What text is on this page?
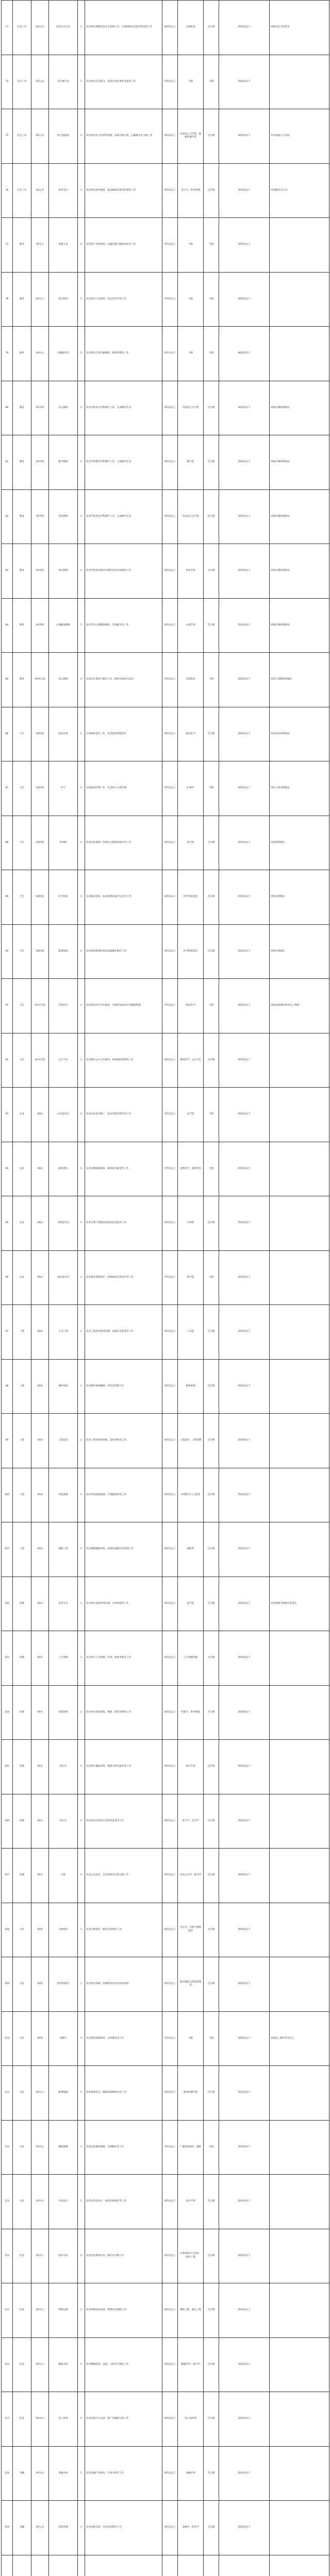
73	社会工作	XX公司	信息安全专员	1	负责单位网络信息安全管理工作，开展网络安全防护检查等工作	本科及以上	计算机类	全日制	35周岁以下	持相关证书者优先	
74	社会工作	XX公司	安全保卫员	1	负责单位安全保卫、巡查及突发事件处置等工作	专科及以上	不限	不限	35周岁以下		
75	社会工作	XX公司	综合管理岗	2	负责单位综合性事务管理，协助开展行政、后勤服务及文秘工作	本科及以上	中国语言文学类、新闻传播学类	全日制	30周岁以下	具有较强文字功底	
76	社会工作	XX公司	财务会计	1	负责单位财务核算、报表编制及资金管理等工作	本科及以上	会计学、财务管理	全日制	35周岁以下	持初级会计证书	
77	服务	XX中心	客服专员	2	负责客户咨询接待、问题受理与跟踪回访等工作	专科及以上	不限	不限	35周岁以下		
78	服务	XX中心	前台接待	1	负责来访人员接待、登记及引导等工作	专科及以上	不限	不限	30周岁以下		
79	服务	XX中心	后勤服务员	2	负责单位日常后勤保障、物资管理等工作	高中及以上	不限	不限	40周岁以下		
80	教育	XX学校	语文教师	2	负责学校语文学科教学工作，完成教学任务	本科及以上	中国语言文学类	全日制	35周岁以下	持相应教师资格证	
81	教育	XX学校	数学教师	2	负责学校数学学科教学工作，完成教学任务	本科及以上	数学类	全日制	35周岁以下	持相应教师资格证	
82	教育	XX学校	英语教师	1	负责学校英语学科教学工作，完成教学任务	本科及以上	外国语言文学类	全日制	35周岁以下	持相应教师资格证	
83	教育	XX学校	体育教师	1	负责学校体育教学及课外体育活动组织工作	本科及以上	体育学类	全日制	35周岁以下	持相应教师资格证	
84	教育	XX学校	心理健康教师	1	负责学生心理健康教育、咨询辅导等工作	本科及以上	心理学类	全日制	35周岁以下	持相应教师资格证	
85	教育	XX幼儿园	幼儿教师	3	负责幼儿保育与教育工作，组织开展幼儿活动	专科及以上	学前教育	不限	30周岁以下	持幼儿园教师资格证	
86	卫生	XX医院	临床医师	2	从事临床诊疗工作，负责患者诊断治疗	本科及以上	临床医学	全日制	35周岁以下	持执业医师资格证	
87	卫生	XX医院	护士	4	从事临床护理工作，负责病人日常护理	专科及以上	护理学	不限	30周岁以下	持护士执业资格证	
88	卫生	XX医院	药剂师	1	负责药品调剂、管理及合理用药指导等工作	本科及以上	药学类	全日制	35周岁以下	持药师资格证	
89	卫生	XX医院	医学检验	1	负责临床检验、标本检测及报告出具等工作	本科及以上	医学检验技术	全日制	35周岁以下	持相关资格证	
90	卫生	XX医院	影像技师	1	负责放射影像检查及设备操作维护工作	本科及以上	医学影像技术	全日制	35周岁以下	持相关资格证	
91	卫生	XX卫生院	全科医生	2	负责基层医疗卫生服务，开展常见病诊疗及健康管理	专科及以上	临床医学	不限	40周岁以下	持执业助理医师及以上资格	
92	卫生	XX卫生院	公共卫生	1	负责辖区公共卫生服务、疾病预防控制等工作	本科及以上	预防医学、公共卫生	全日制	35周岁以下		
93	农业	XX站	农业技术员	2	负责农业技术推广、病虫害防治指导等工作	专科及以上	农学类	不限	35周岁以下		
94	农业	XX站	畜牧兽医	1	负责动物疫病防控、畜牧技术服务等工作	专科及以上	动物医学、畜牧兽医	不限	35周岁以下		
95	农业	XX站	水利技术员	1	负责水利工程建设管理及技术指导工作	本科及以上	水利类	全日制	35周岁以下		
96	农业	XX站	林业技术员	1	负责林业资源管护、造林绿化技术指导等工作	专科及以上	林学类	不限	35周岁以下		
97	工程	XX局	土木工程	2	负责工程项目建设管理、质量安全监督等工作	本科及以上	土木类	全日制	35周岁以下		
98	工程	XX局	城乡规划	1	负责城乡规划编制、审查及管理工作	本科及以上	城乡规划	全日制	35周岁以下		
99	工程	XX局	工程造价	1	负责工程预结算审核、造价管理等工作	本科及以上	工程造价、工程管理	全日制	35周岁以下		
100	工程	XX局	环境监测	1	负责环境质量监测、污染源调查等工作	本科及以上	环境科学与工程类	全日制	35周岁以下		
101	工程	XX局	测绘工程	1	负责测绘数据采集、处理及地理信息管理工作	本科及以上	测绘类	全日制	35周岁以下		
102	管理	XX办	法务专员	1	负责单位法律事务处理、合同审核等工作	本科及以上	法学类	全日制	35周岁以下	持法律职业资格证者优先	
103	管理	XX办	人力资源	1	负责单位人员招聘、培训、绩效考核等工作	本科及以上	人力资源管理	全日制	35周岁以下		
104	管理	XX办	档案管理	1	负责单位档案收集、整理、保管及利用工作	本科及以上	档案学、图书情报	全日制	35周岁以下		
105	管理	XX办	统计员	1	负责统计数据采集、整理分析及报送等工作	本科及以上	统计学类	全日制	35周岁以下		
106	管理	XX办	审计员	1	负责单位内部审计及财务监督等工作	本科及以上	审计学、会计学	全日制	35周岁以下		
107	管理	XX办	文秘	2	负责公文起草、会议组织及日常文秘工作	本科及以上	汉语言文学、秘书学	全日制	30周岁以下		
108	文化	XX馆	文物保护	1	负责文物保护、修复及管理等工作	本科及以上	考古学、文物与博物馆学	全日制	35周岁以下		
109	文化	XX馆	图书管理员	1	负责图书采编、借阅服务及读者活动组织	本科及以上	图书情报与档案管理类	全日制	35周岁以下		
110	文化	XX馆	讲解员	2	负责展馆讲解接待、宣传教育等工作	专科及以上	不限	不限	30周岁以下	普通话二级甲等及以上	
111	文化	XX中心	新闻编辑	1	负责新闻采写、编辑及新媒体运营工作	本科及以上	新闻传播学类	全日制	35周岁以下		
112	文化	XX中心	摄影摄像	1	负责活动摄影摄像、后期制作等工作	专科及以上	广播电视编导、摄影	不限	35周岁以下		
113	文化	XX中心	平面设计	1	负责宣传品设计、视觉形象制作等工作	本科及以上	设计学类	全日制	35周岁以下		
114	信息	XX中心	软件开发	2	负责信息系统开发、维护及升级工作	本科及以上	计算机科学与技术、软件工程	全日制	35周岁以下		
115	信息	XX中心	网络运维	1	负责网络设备运维、系统安全保障工作	本科及以上	网络工程、通信工程	全日制	35周岁以下		
116	信息	XX中心	数据分析	1	负责数据收集、清洗、分析及可视化工作	本科及以上	数据科学、统计学	全日制	35周岁以下		
117	信息	XX中心	电子商务	1	负责电商平台运营、推广及数据分析工作	本科及以上	电子商务类	全日制	35周岁以下		
118	金融	XX公司	金融分析	1	负责金融产品研究、市场分析等工作	本科及以上	金融学类	全日制	35周岁以下		
119	金融	XX公司	风险管理	1	负责风险识别、评估及控制等工作	本科及以上	金融学、经济学	全日制	35周岁以下		
